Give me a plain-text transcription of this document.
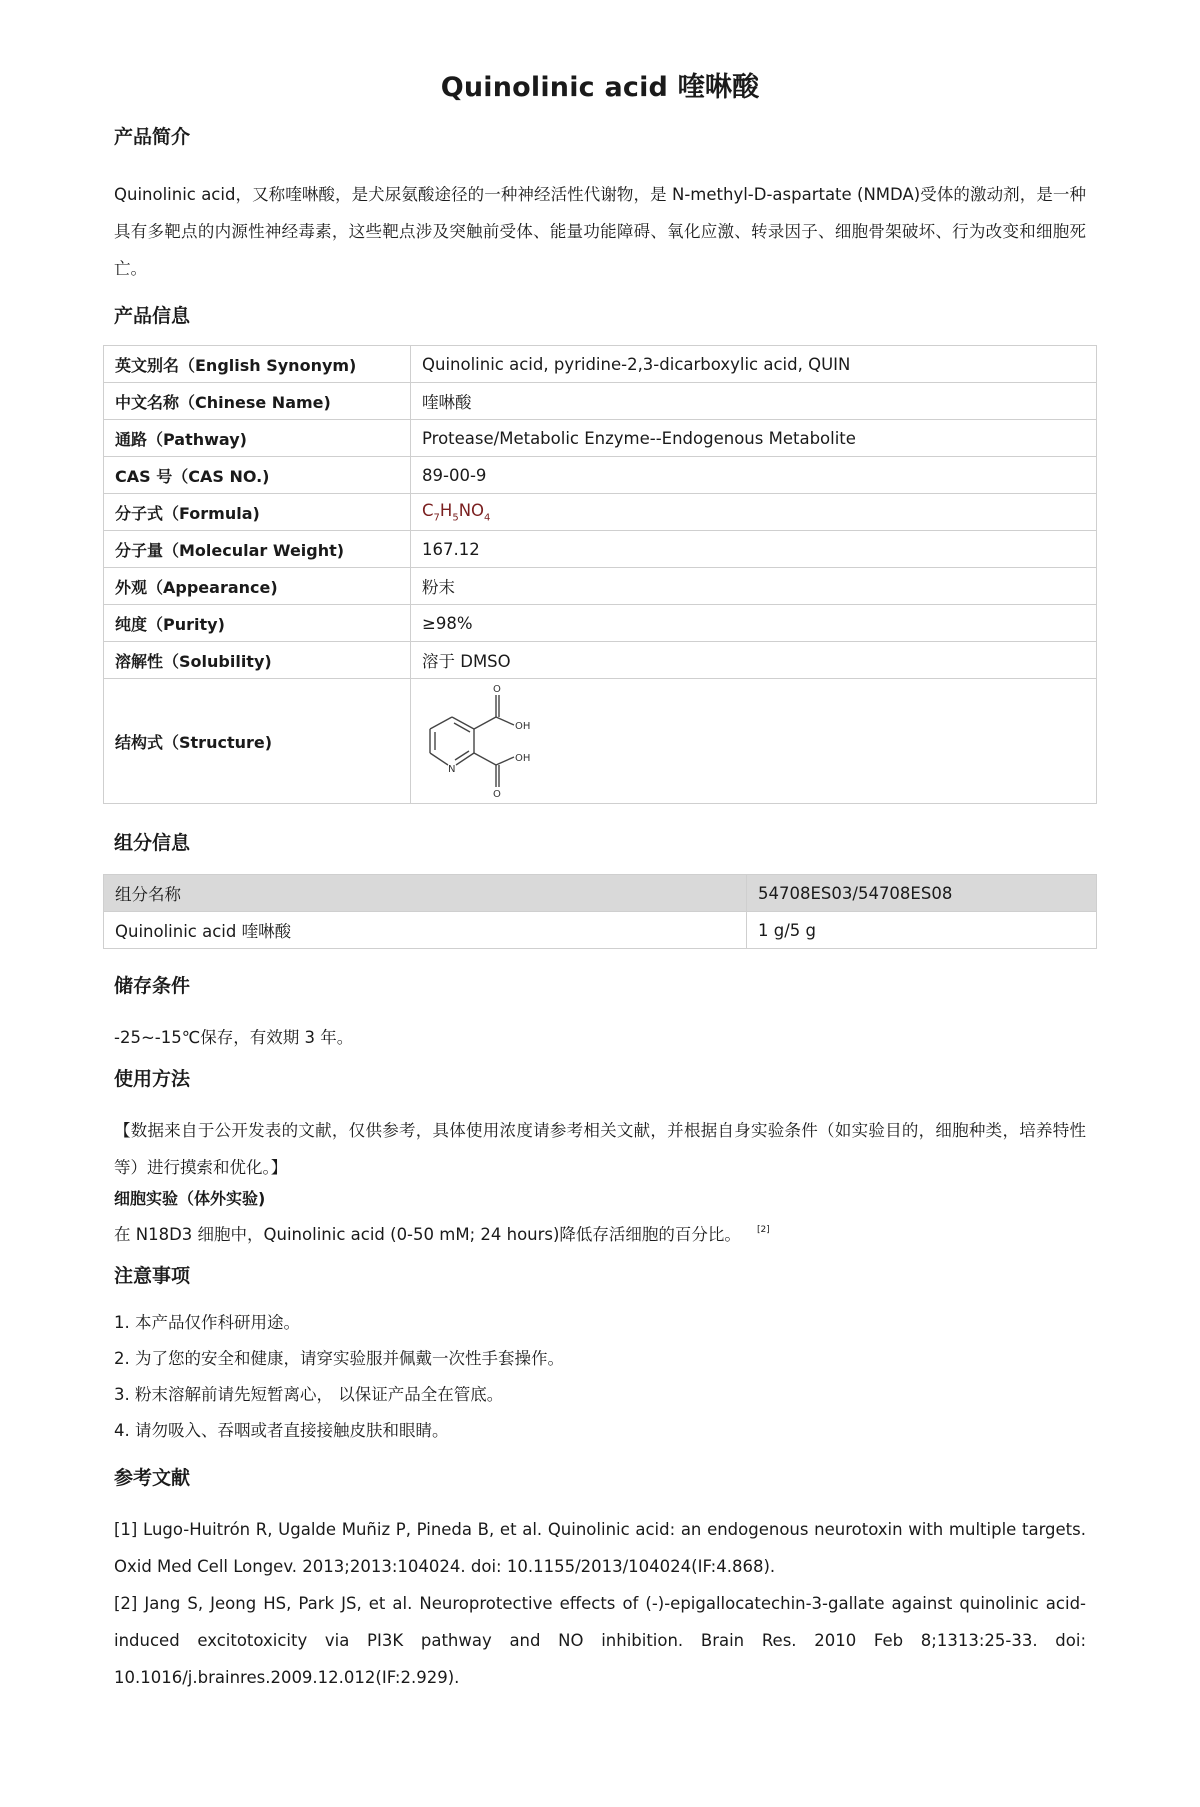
Quinolinic acid 喹啉酸
产品简介

Quinolinic acid，又称喹啉酸，是犬尿氨酸途径的一种神经活性代谢物，是 N-methyl-D-aspartate (NMDA)受体的激动剂，是一种具有多靶点的内源性神经毒素，这些靶点涉及突触前受体、能量功能障碍、氧化应激、转录因子、细胞骨架破坏、行为改变和细胞死亡。

产品信息
英文别名（English Synonym)	Quinolinic acid, pyridine-2,3-dicarboxylic acid, QUIN
中文名称（Chinese Name)	喹啉酸
通路（Pathway)	Protease/Metabolic Enzyme--Endogenous Metabolite
CAS 号（CAS NO.)	89-00-9
分子式（Formula)	$C_7H_5NO_4$
分子量（Molecular Weight)	167.12
外观（Appearance)	粉末
纯度（Purity)	≥98%
溶解性（Solubility)	溶于 DMSO
结构式（Structure)	O
OH
OH
O
N
组分信息
组分名称	54708ES03/54708ES08
Quinolinic acid 喹啉酸	1 g/5 g
储存条件

-25~-15℃保存，有效期 3 年。

使用方法

【数据来自于公开发表的文献，仅供参考，具体使用浓度请参考相关文献，并根据自身实验条件（如实验目的，细胞种类，培养特性等）进行摸索和优化。】

细胞实验（体外实验)

在 N18D3 细胞中，Quinolinic acid (0-50 mM; 24 hours)降低存活细胞的百分比。 [2]

注意事项
1. 本产品仅作科研用途。
2. 为了您的安全和健康，请穿实验服并佩戴一次性手套操作。
3. 粉末溶解前请先短暂离心， 以保证产品全在管底。
4. 请勿吸入、吞咽或者直接接触皮肤和眼睛。
参考文献

[1] Lugo-Huitrón R, Ugalde Muñiz P, Pineda B, et al. Quinolinic acid: an endogenous neurotoxin with multiple targets. Oxid Med Cell Longev. 2013;2013:104024. doi: 10.1155/2013/104024(IF:4.868).

[2] Jang S, Jeong HS, Park JS, et al. Neuroprotective effects of (-)-epigallocatechin-3-gallate against quinolinic acid-induced excitotoxicity via PI3K pathway and NO inhibition. Brain Res. 2010 Feb 8;1313:25-33. doi: 10.1016/j.brainres.2009.12.012(IF:2.929).
